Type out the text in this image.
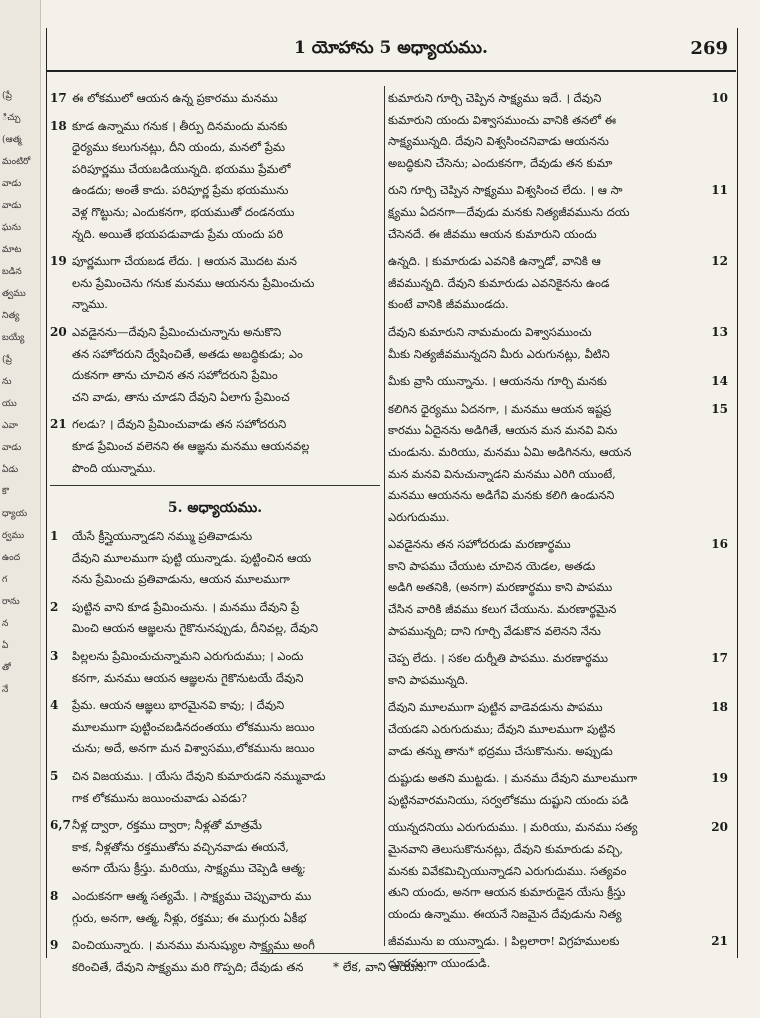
(ప్రే
ిచ్చు
(ఆత్మ
మంటిరో
వాడు
వాడు
ఘను
మాట
బడిన
త్వము
నిత్య
బయ్యే
(ప్రే
ను
యు
ఎవా
వాడు
ఏడు
కొ
ధ్యాయ
ర్వము
ఉంద
గ
రాను
న
ఏ
తో
నే
1 యోహాను 5 అధ్యాయము.	269
17 ఈ లోకములో ఆయన ఉన్న ప్రకారము మనము
18 కూడ ఉన్నాము గనుక । తీర్పు దినమందు మనకు
ధైర్యము కలుగునట్లు, దీని యందు, మనలో ప్రేమ
పరిపూర్ణము చేయబడియున్నది. భయము ప్రేమలో
ఉండదు; అంతే కాదు. పరిపూర్ణ ప్రేమ భయమును
వెళ్ల గొట్టును; ఎందుకనగా, భయముతో దండనయు
న్నది. అయితే భయపడువాడు ప్రేమ యందు పరి
19 పూర్ణముగా చేయబడ లేదు. । ఆయన మొదట మన
లను ప్రేమించెను గనుక మనము ఆయనను ప్రేమించుచు
న్నాము.
20 ఎవడైనను—దేవుని ప్రేమించుచున్నాను అనుకొని
తన సహోదరుని ద్వేషించితే, అతడు అబద్ధికుడు; ఎం
దుకనగా తాను చూచిన తన సహోదరుని ప్రేమిం
చని వాడు, తాను చూడని దేవుని ఏలాగు ప్రేమించ
21 గలడు? । దేవుని ప్రేమించువాడు తన సహోదరుని
కూడ ప్రేమించ వలెనని ఈ ఆజ్ఞను మనము ఆయనవల్ల
పొంది యున్నాము.
5. అధ్యాయము.
1	యేసే క్రీస్తైయున్నాడని నమ్ము ప్రతివాడును
దేవుని మూలముగా పుట్టి యున్నాడు. పుట్టించిన ఆయ
నను ప్రేమించు ప్రతివాడును, ఆయన మూలముగా
2	పుట్టిన వాని కూడ ప్రేమించును. । మనము దేవుని ప్రే
మించి ఆయన ఆజ్ఞలను గైకొనునప్పుడు, దీనివల్ల, దేవుని
3	పిల్లలను ప్రేమించుచున్నామని ఎరుగుదుము; । ఎందు
కనగా, మనము ఆయన ఆజ్ఞలను గైకొనుటయే దేవుని
4	ప్రేమ. ఆయన ఆజ్ఞలు భారమైనవి కావు; । దేవుని
మూలముగా పుట్టించబడినదంతయు లోకమును జయిం
చును; అదే, అనగా మన విశ్వాసము,లోకమును జయిం
5	చిన విజయము. । యేసు దేవుని కుమారుడని నమ్మువాడు
గాక లోకమును జయించువాడు ఎవడు?
6,7 నీళ్ల ద్వారా, రక్తము ద్వారా; నీళ్లతో మాత్రమే
కాక, నీళ్లతోను రక్తముతోను వచ్చినవాడు ఈయనే,
అనగా యేసు క్రీస్తు. మరియు, సాక్ష్యము చెప్పెడి ఆత్మ;
8	ఎందుకనగా ఆత్మ సత్యమే. । సాక్ష్యము చెప్పువారు ము
గ్గురు, అనగా, ఆత్మ, నీళ్లు, రక్తము; ఈ ముగ్గురు ఏకీభ
9	వించియున్నారు. । మనము మనుష్యుల సాక్ష్యము అంగీ
కరించితే, దేవుని సాక్ష్యము మరి గొప్పది; దేవుడు తన
10
కుమారుని గూర్చి చెప్పిన సాక్ష్యము ఇదే. । దేవుని
కుమారుని యందు విశ్వాసముంచు వానికి తనలో ఈ
సాక్ష్యమున్నది. దేవుని విశ్వసించనివాడు ఆయనను
అబద్ధికుని చేసెను; ఎందుకనగా, దేవుడు తన కుమా
11
రుని గూర్చి చెప్పిన సాక్ష్యము విశ్వసించ లేదు. । ఆ సా
క్ష్యము ఏదనగా—దేవుడు మనకు నిత్యజీవమును దయ
చేసెనదే. ఈ జీవము ఆయన కుమారుని యందు
12
ఉన్నది. । కుమారుడు ఎవనికి ఉన్నాడో, వానికి ఆ
జీవమున్నది. దేవుని కుమారుడు ఎవనికైనను ఉండ
కుంటే వానికి జీవముండదు.
13
దేవుని కుమారుని నామమందు విశ్వాసముంచు
మీకు నిత్యజీవమున్నదని మీరు ఎరుగునట్లు, వీటిని
14
మీకు వ్రాసి యున్నాను. । ఆయనను గూర్చి మనకు
15
కలిగిన ధైర్యము ఏదనగా, । మనము ఆయన ఇష్టప్ర
కారము ఏదైనను అడిగితే, ఆయన మన మనవి విను
చుండును. మరియు, మనము ఏమి అడిగినను, ఆయన
మన మనవి వినుచున్నాడని మనము ఎరిగి యుంటే,
మనము ఆయనను అడిగేవి మనకు కలిగి ఉండునని
ఎరుగుదుము.
16
ఎవడైనను తన సహోదరుడు మరణార్థము
కాని పాపము చేయుట చూచిన యెడల, అతడు
అడిగి అతనికి, (అనగా) మరణార్థము కాని పాపము
చేసిన వారికి జీవము కలుగ చేయును. మరణార్థమైన
పాపమున్నది; దాని గూర్చి వేడుకొన వలెనని నేను
17
చెప్ప లేదు. । సకల దుర్నీతి పాపము. మరణార్థము
కాని పాపమున్నది.
18
దేవుని మూలముగా పుట్టిన వాడెవడును పాపము
చేయడని ఎరుగుదుము; దేవుని మూలముగా పుట్టిన
వాడు తన్ను తాను* భద్రము చేసుకొనును. అప్పుడు
19
దుష్టుడు అతని ముట్టడు. । మనము దేవుని మూలముగా
పుట్టినవారమనియు, సర్వలోకము దుష్టుని యందు పడి
20
యున్నదనియు ఎరుగుదుము. । మరియు, మనము సత్య
మైనవాని తెలుసుకొనునట్లు, దేవుని కుమారుడు వచ్చి,
మనకు వివేకమిచ్చియున్నాడని ఎరుగుదుము. సత్యవం
తుని యందు, అనగా ఆయన కుమారుడైన యేసు క్రీస్తు
యందు ఉన్నాము. ఈయనే నిజమైన దేవుడును నిత్య
21
జీవమును ఐ యున్నాడు. । పిల్లలారా! విగ్రహములకు
దూరముగా యుండుడి.
* లేక, వాని ఆయన.
